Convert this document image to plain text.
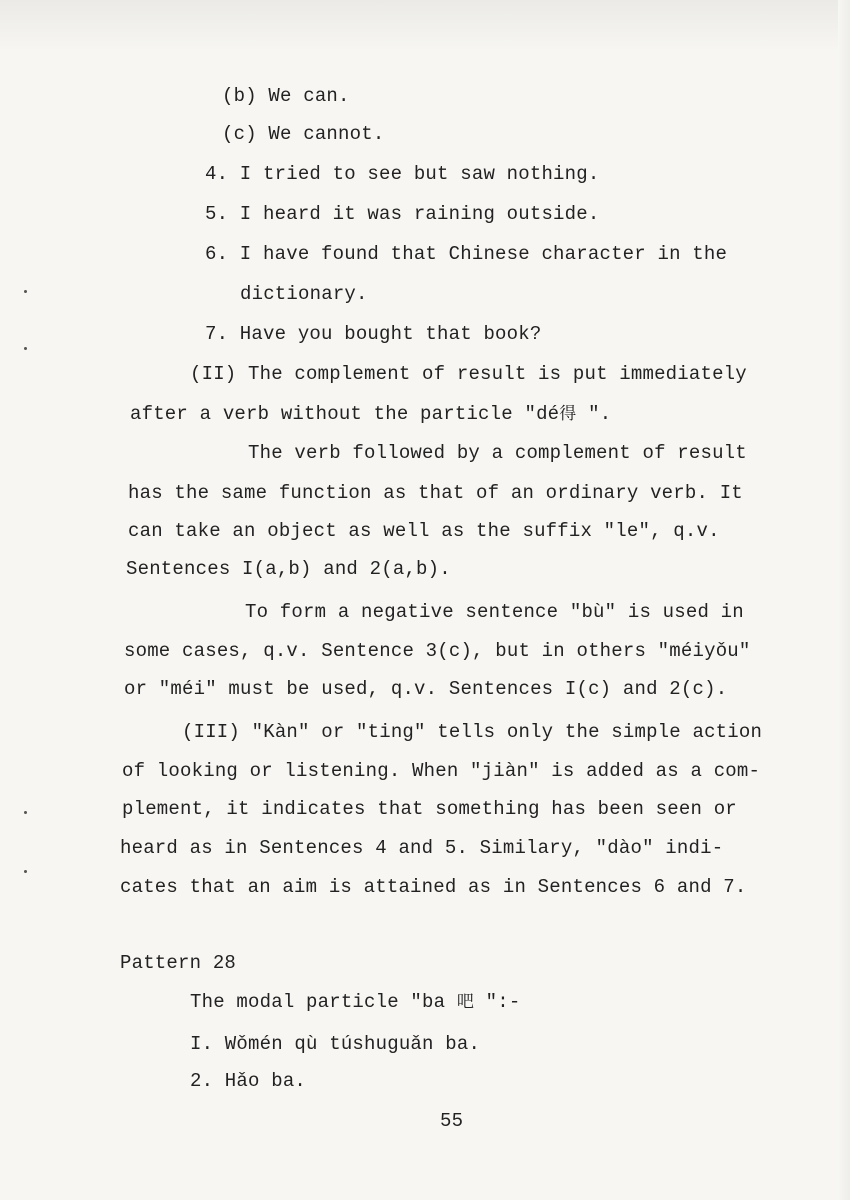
(b) We can.
(c) We cannot.
4. I tried to see but saw nothing.
5. I heard it was raining outside.
6. I have found that Chinese character in the
dictionary.
7. Have you bought that book?
(II) The complement of result is put immediately
after a verb without the particle "dé得 ".
The verb followed by a complement of result
has the same function as that of an ordinary verb. It
can take an object as well as the suffix "le", q.v.
Sentences I(a,b) and 2(a,b).
To form a negative sentence "bù" is used in
some cases, q.v. Sentence 3(c), but in others "méiyǒu"
or "méi" must be used, q.v. Sentences I(c) and 2(c).
(III) "Kàn" or "ting" tells only the simple action
of looking or listening. When "jiàn" is added as a com-
plement, it indicates that something has been seen or
heard as in Sentences 4 and 5. Similary, "dào" indi-
cates that an aim is attained as in Sentences 6 and 7.
Pattern 28
The modal particle "ba 吧 ":-
I. Wǒmén qù túshuguǎn ba.
2. Hǎo ba.
55
